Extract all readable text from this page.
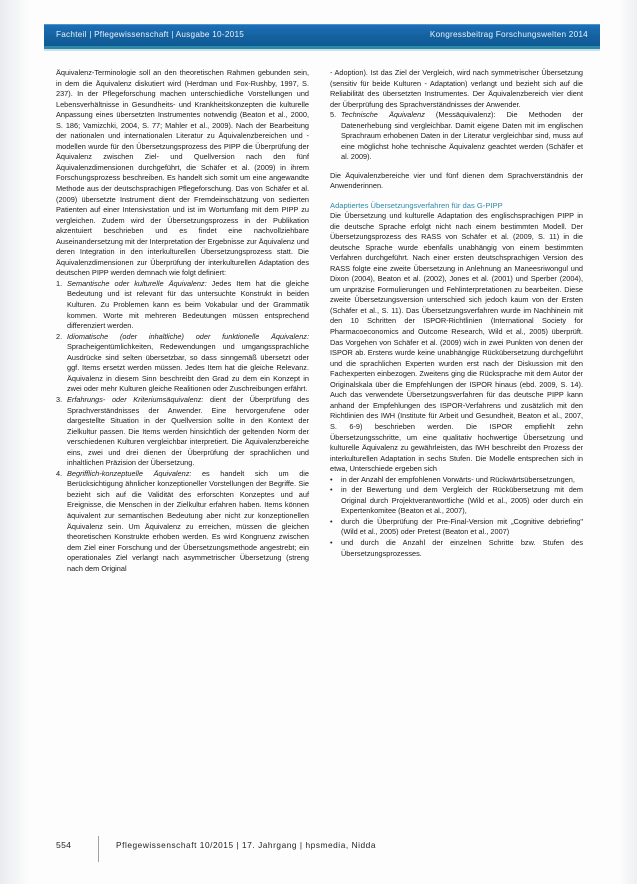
Fachteil | Pflegewissenschaft | Ausgabe 10-2015	Kongressbeitrag Forschungswelten 2014

Äquivalenz-Terminologie soll an den theoretischen Rahmen gebunden sein, in dem die Äquivalenz diskutiert wird (Herdman und Fox-Rushby, 1997, S. 237). In der Pflegeforschung machen unterschiedliche Vorstellungen und Lebensverhältnisse in Gesundheits- und Krankheitskonzepten die kulturelle Anpassung eines übersetzten Instrumentes notwendig (Beaton et al., 2000, S. 186; Vamizchki, 2004, S. 77; Mahler et al., 2009). Nach der Bearbeitung der nationalen und internationalen Literatur zu Äquivalenzbereichen und -modellen wurde für den Übersetzungsprozess des PIPP die Überprüfung der Äquivalenz zwischen Ziel- und Quellversion nach den fünf Äquivalenzdimensionen durchgeführt, die Schäfer et al. (2009) in ihrem Forschungsprozess beschreiben. Es handelt sich somit um eine angewandte Methode aus der deutschsprachigen Pflegeforschung. Das von Schäfer et al. (2009) übersetzte Instrument dient der Fremdeinschätzung von sedierten Patienten auf einer Intensivstation und ist im Wortumfang mit dem PIPP zu vergleichen. Zudem wird der Übersetzungsprozess in der Publikation akzentuiert beschrieben und es findet eine nachvollziehbare Auseinandersetzung mit der Interpretation der Ergebnisse zur Äquivalenz und deren Integration in den interkulturellen Übersetzungsprozess statt. Die Äquivalenzdimensionen zur Überprüfung der interkulturellen Adaptation des deutschen PIPP werden demnach wie folgt definiert:

1. Semantische oder kulturelle Äquivalenz: Jedes Item hat die gleiche Bedeutung und ist relevant für das untersuchte Konstrukt in beiden Kulturen. Zu Problemen kann es beim Vokabular und der Grammatik kommen. Worte mit mehreren Bedeutungen müssen entsprechend differenziert werden.
2. Idiomatische (oder inhaltliche) oder funktionelle Äquivalenz: Spracheigentümlichkeiten, Redewendungen und umgangssprachliche Ausdrücke sind selten übersetzbar, so dass sinngemäß übersetzt oder ggf. Items ersetzt werden müssen. Jedes Item hat die gleiche Relevanz. Äquivalenz in diesem Sinn beschreibt den Grad zu dem ein Konzept in zwei oder mehr Kulturen gleiche Realitionen oder Zuschreibungen erfährt.
3. Erfahrungs- oder Kriteriumsäquivalenz: dient der Überprüfung des Sprachverständnisses der Anwender. Eine hervorgerufene oder dargestellte Situation in der Quellversion sollte in den Kontext der Zielkultur passen. Die Items werden hinsichtlich der geltenden Norm der verschiedenen Kulturen vergleichbar interpretiert. Die Äquivalenzbereiche eins, zwei und drei dienen der Überprüfung der sprachlichen und inhaltlichen Präzision der Übersetzung.
4. Begrifflich-konzeptuelle Äquivalenz: es handelt sich um die Berücksichtigung ähnlicher konzeptioneller Vorstellungen der Begriffe. Sie bezieht sich auf die Validität des erforschten Konzeptes und auf Ereignisse, die Menschen in der Zielkultur erfahren haben. Items können äquivalent zur semantischen Bedeutung aber nicht zur konzeptionellen Äquivalenz sein. Um Äquivalenz zu erreichen, müssen die gleichen theoretischen Konstrukte erhoben werden. Es wird Kongruenz zwischen dem Ziel einer Forschung und der Übersetzungsmethode angestrebt; ein operationales Ziel verlangt nach asymmetrischer Übersetzung (streng nach dem Original

- Adoption). Ist das Ziel der Vergleich, wird nach symmetrischer Übersetzung (sensitiv für beide Kulturen - Adaptation) verlangt und bezieht sich auf die Reliabilität des übersetzten Instrumentes. Der Äquivalenzbereich vier dient der Überprüfung des Sprachverständnisses der Anwender.

5. Technische Äquivalenz (Messäquivalenz): Die Methoden der Datenerhebung sind vergleichbar. Damit eigene Daten mit im englischen Sprachraum erhobenen Daten in der Literatur vergleichbar sind, muss auf eine möglichst hohe technische Äquivalenz geachtet werden (Schäfer et al. 2009).

Die Äquivalenzbereiche vier und fünf dienen dem Sprachverständnis der Anwenderinnen.

Adaptiertes Übersetzungsverfahren für das G-PIPP

Die Übersetzung und kulturelle Adaptation des englischsprachigen PIPP in die deutsche Sprache erfolgt nicht nach einem bestimmten Modell. Der Übersetzungsprozess des RASS von Schäfer et al. (2009, S. 11) in die deutsche Sprache wurde ebenfalls unabhängig von einem bestimmten Verfahren durchgeführt. Nach einer ersten deutschsprachigen Version des RASS folgte eine zweite Übersetzung in Anlehnung an Maneesriwongul und Dixon (2004), Beaton et al. (2002), Jones et al. (2001) und Sperber (2004), um unpräzise Formulierungen und Fehlinterpretationen zu bearbeiten. Diese zweite Übersetzungsversion unterschied sich jedoch kaum von der Ersten (Schäfer et al., S. 11). Das Übersetzungsverfahren wurde im Nachhinein mit den 10 Schritten der ISPOR-Richtlinien (International Society for Pharmacoeconomics and Outcome Research, Wild et al., 2005) überprüft. Das Vorgehen von Schäfer et al. (2009) wich in zwei Punkten von denen der ISPOR ab. Erstens wurde keine unabhängige Rückübersetzung durchgeführt und die sprachlichen Experten wurden erst nach der Diskussion mit den Fachexperten einbezogen. Zweitens ging die Rücksprache mit dem Autor der Originalskala über die Empfehlungen der ISPOR hinaus (ebd. 2009, S. 14). Auch das verwendete Übersetzungsverfahren für das deutsche PIPP kann anhand der Empfehlungen des ISPOR-Verfahrens und zusätzlich mit den Richtlinien des IWH (Institute für Arbeit und Gesundheit, Beaton et al., 2007, S. 6-9) beschrieben werden. Die ISPOR empfiehlt zehn Übersetzungsschritte, um eine qualitativ hochwertige Übersetzung und kulturelle Äquivalenz zu gewährleisten, das IWH beschreibt den Prozess der interkulturellen Adaptation in sechs Stufen. Die Modelle entsprechen sich in etwa, Unterschiede ergeben sich

•	in der Anzahl der empfohlenen Vorwärts- und Rückwärtsübersetzungen,
•	in der Bewertung und dem Vergleich der Rückübersetzung mit dem Original durch Projektverantwortliche (Wild et al., 2005) oder durch ein Expertenkomitee (Beaton et al., 2007),
•	durch die Überprüfung der Pre-Final-Version mit „Cognitive debriefing" (Wild et al., 2005) oder Pretest (Beaton et al., 2007)
•	und durch die Anzahl der einzelnen Schritte bzw. Stufen des Übersetzungsprozesses.
554	Pflegewissenschaft 10/2015 | 17. Jahrgang | hpsmedia, Nidda
